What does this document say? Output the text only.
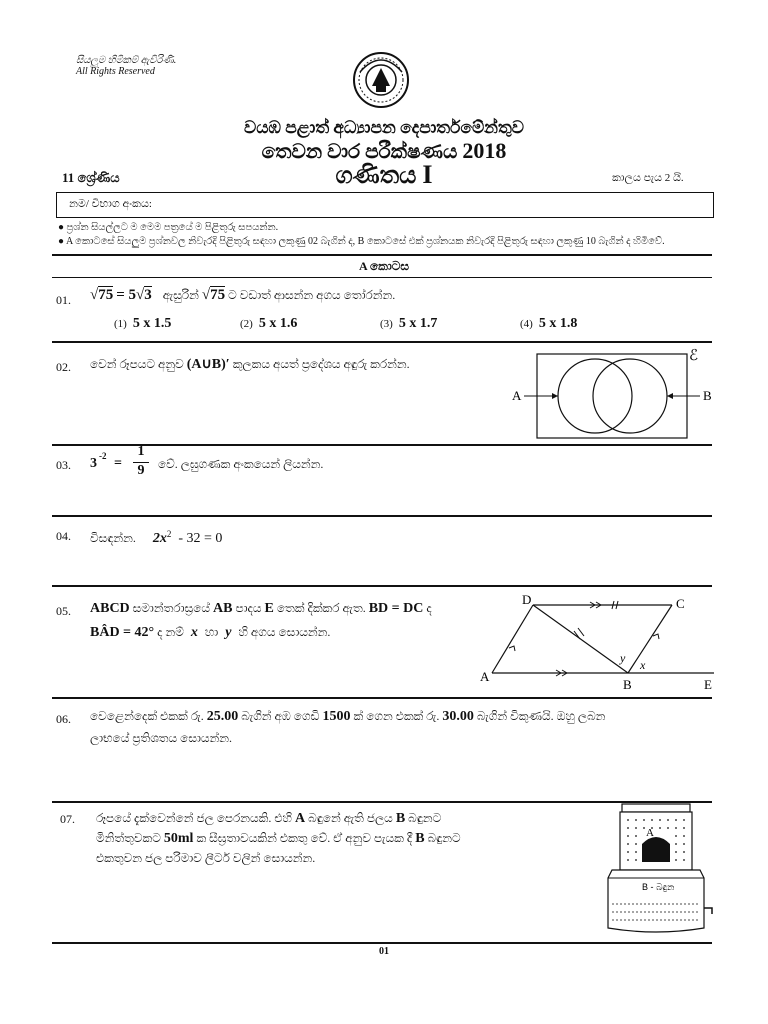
සියලුම හිමිකම් ඇවිරිණි.
All Rights Reserved
වයඹ පළාත් අධ්‍යාපන දෙපාර්තමේන්තුව
තෙවන වාර පරීක්ෂණය 2018
11 ශ්‍රේණිය	ගණිතය I	කාලය පැය 2 යි.
නම/ විභාග අංකය:
● ප්‍රශ්න සියල්ලට ම මෙම පත්‍රයේ ම පිළිතුරු සපයන්න.
● A කොටසේ සියලුම ප්‍රශ්නවල නිවැරදි පිළිතුරු සඳහා ලකුණු 02 බැගින් ද, B කොටසේ එක් ප්‍රශ්නයක නිවැරදි පිළිතුරු සඳහා ලකුණු 10 බැගින් ද හිමිවේ.
A කොටස
01. √75 = 5√3 ඇසුරින් √75 ට වඩාත් ආසන්න අගය තෝරන්න.
(1) 5 x 1.5	(2) 5 x 1.6	(3) 5 x 1.7	(4) 5 x 1.8
02. වෙන් රූපයට අනුව (A∪B)′ කුලකය අයත් ප්‍රදේශය අඳුරු කරන්න.	ℰ
A	B
03. 3 -2 =
1
9 වේ. ලඝුගණක අංකයෙන් ලියන්න.
04. විසඳන්න. $2x^2 - 32 = 0$
05. ABCD සමාන්තරාස්‍රයේ AB පාදය E තෙක් දික්කර ඇත. BD = DC ද
BÂD = 42° ද නම් x හා y හි අගය සොයන්න.
A
B
C
D
E
x
y
06. වෙළෙන්දෙක් එකක් රු. 25.00 බැගින් අඹ ගෙඩි 1500 ක් ගෙන එකක් රු. 30.00 බැගින් විකුණයි. ඔහු ලබන
ලාභයේ ප්‍රතිශතය සොයන්න.
07. රූපයේ දැක්වෙන්නේ ජල පෙරනයකි. එහි A බඳුනේ ඇති ජලය B බඳුනට
මිනිත්තුවකට 50ml ක සීඝ්‍රතාවයකින් එකතු වේ. ඒ අනුව පැයක දී B බඳුනට
එකතුවන ජල පරිමාව ලීටර් වලින් සොයන්න.
A
B - බඳුන
01
